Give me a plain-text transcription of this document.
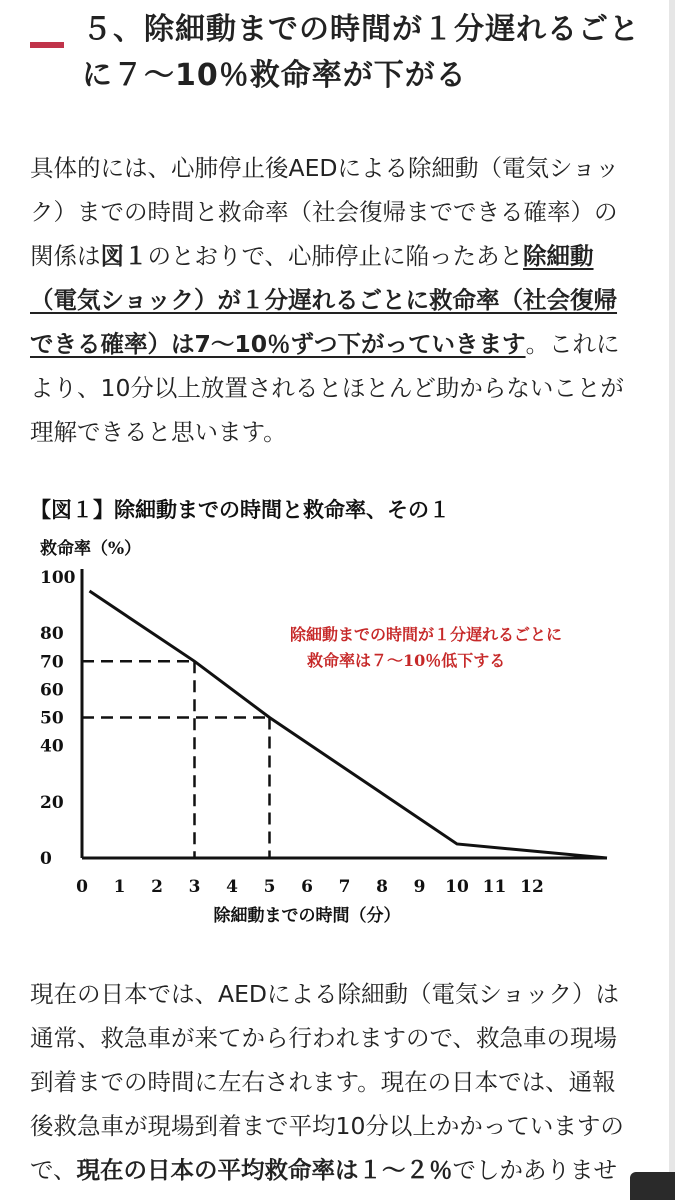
５、除細動までの時間が１分遅れるごと
に７〜10％救命率が下がる
具体的には、心肺停止後AEDによる除細動（電気ショッ
ク）までの時間と救命率（社会復帰までできる確率）の
関係は図１のとおりで、心肺停止に陥ったあと除細動
（電気ショック）が１分遅れるごとに救命率（社会復帰
できる確率）は7〜10％ずつ下がっていきます。これに
より、10分以上放置されるとほとんど助からないことが
理解できると思います。
【図１】除細動までの時間と救命率、その１
救命率（%）
100
80
70
60
50
40
20
0
0 1 2 3 4 5 6 7 8 9 10 11 12
除細動までの時間（分）
除細動までの時間が１分遅れるごとに
救命率は７〜10％低下する
現在の日本では、AEDによる除細動（電気ショック）は
通常、救急車が来てから行われますので、救急車の現場
到着までの時間に左右されます。現在の日本では、通報
後救急車が現場到着まで平均10分以上かかっていますの
で、現在の日本の平均救命率は１〜２％でしかありませ
